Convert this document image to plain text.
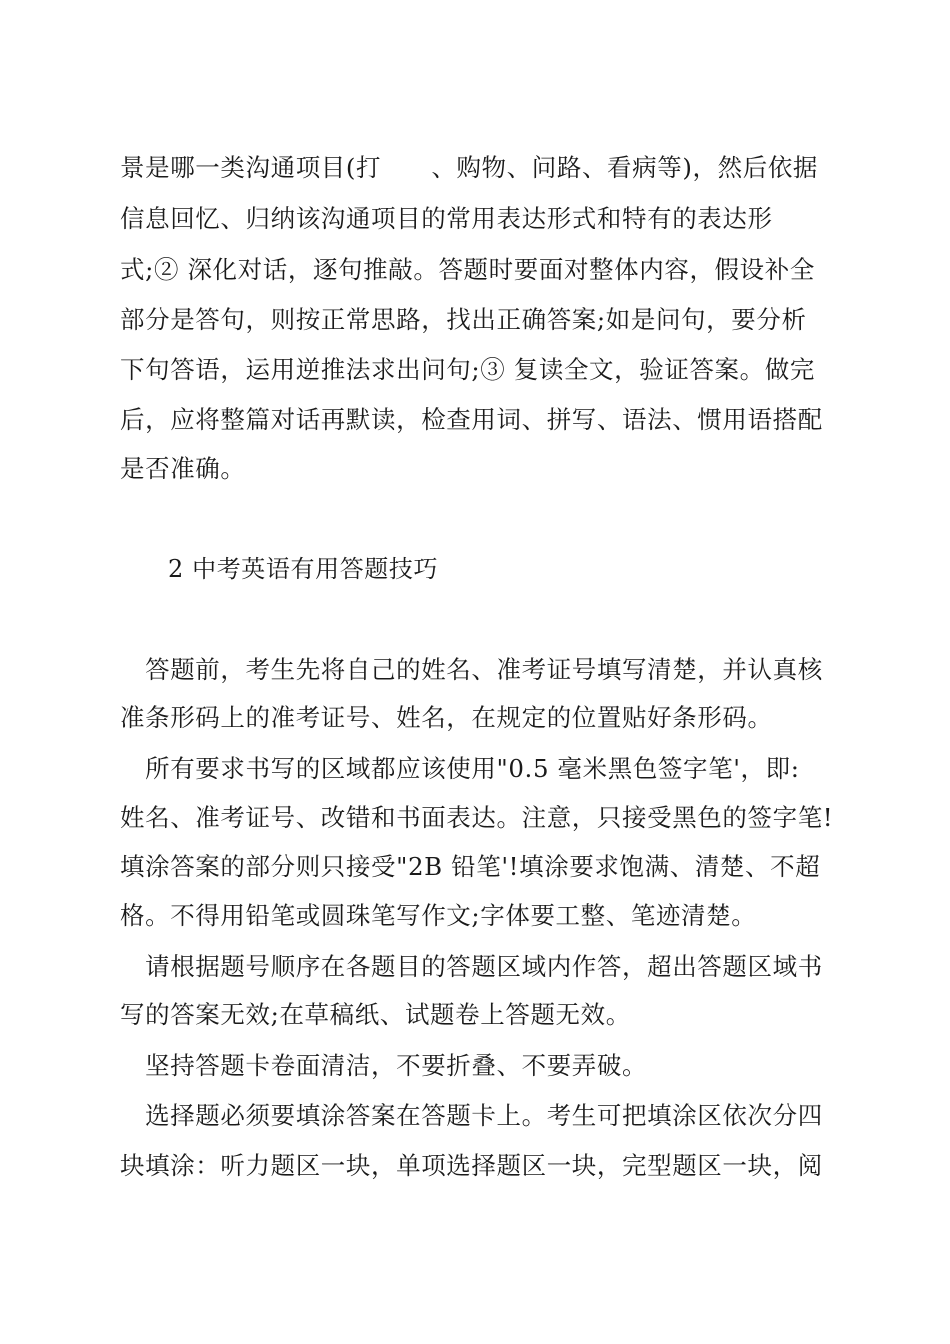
景是哪一类沟通项目(打　　、购物、问路、看病等)，然后依据
信息回忆、归纳该沟通项目的常用表达形式和特有的表达形
式;② 深化对话，逐句推敲。答题时要面对整体内容，假设补全
部分是答句，则按正常思路，找出正确答案;如是问句，要分析
下句答语，运用逆推法求出问句;③ 复读全文，验证答案。做完
后，应将整篇对话再默读，检查用词、拼写、语法、惯用语搭配
是否准确。
2 中考英语有用答题技巧
　答题前，考生先将自己的姓名、准考证号填写清楚，并认真核
准条形码上的准考证号、姓名，在规定的位置贴好条形码。
　所有要求书写的区域都应该使用"0.5 毫米黑色签字笔'，即:
姓名、准考证号、改错和书面表达。注意，只接受黑色的签字笔!
填涂答案的部分则只接受"2B 铅笔'!填涂要求饱满、清楚、不超
格。不得用铅笔或圆珠笔写作文;字体要工整、笔迹清楚。
　请根据题号顺序在各题目的答题区域内作答，超出答题区域书
写的答案无效;在草稿纸、试题卷上答题无效。
　坚持答题卡卷面清洁，不要折叠、不要弄破。
　选择题必须要填涂答案在答题卡上。考生可把填涂区依次分四
块填涂：听力题区一块，单项选择题区一块，完型题区一块，阅
